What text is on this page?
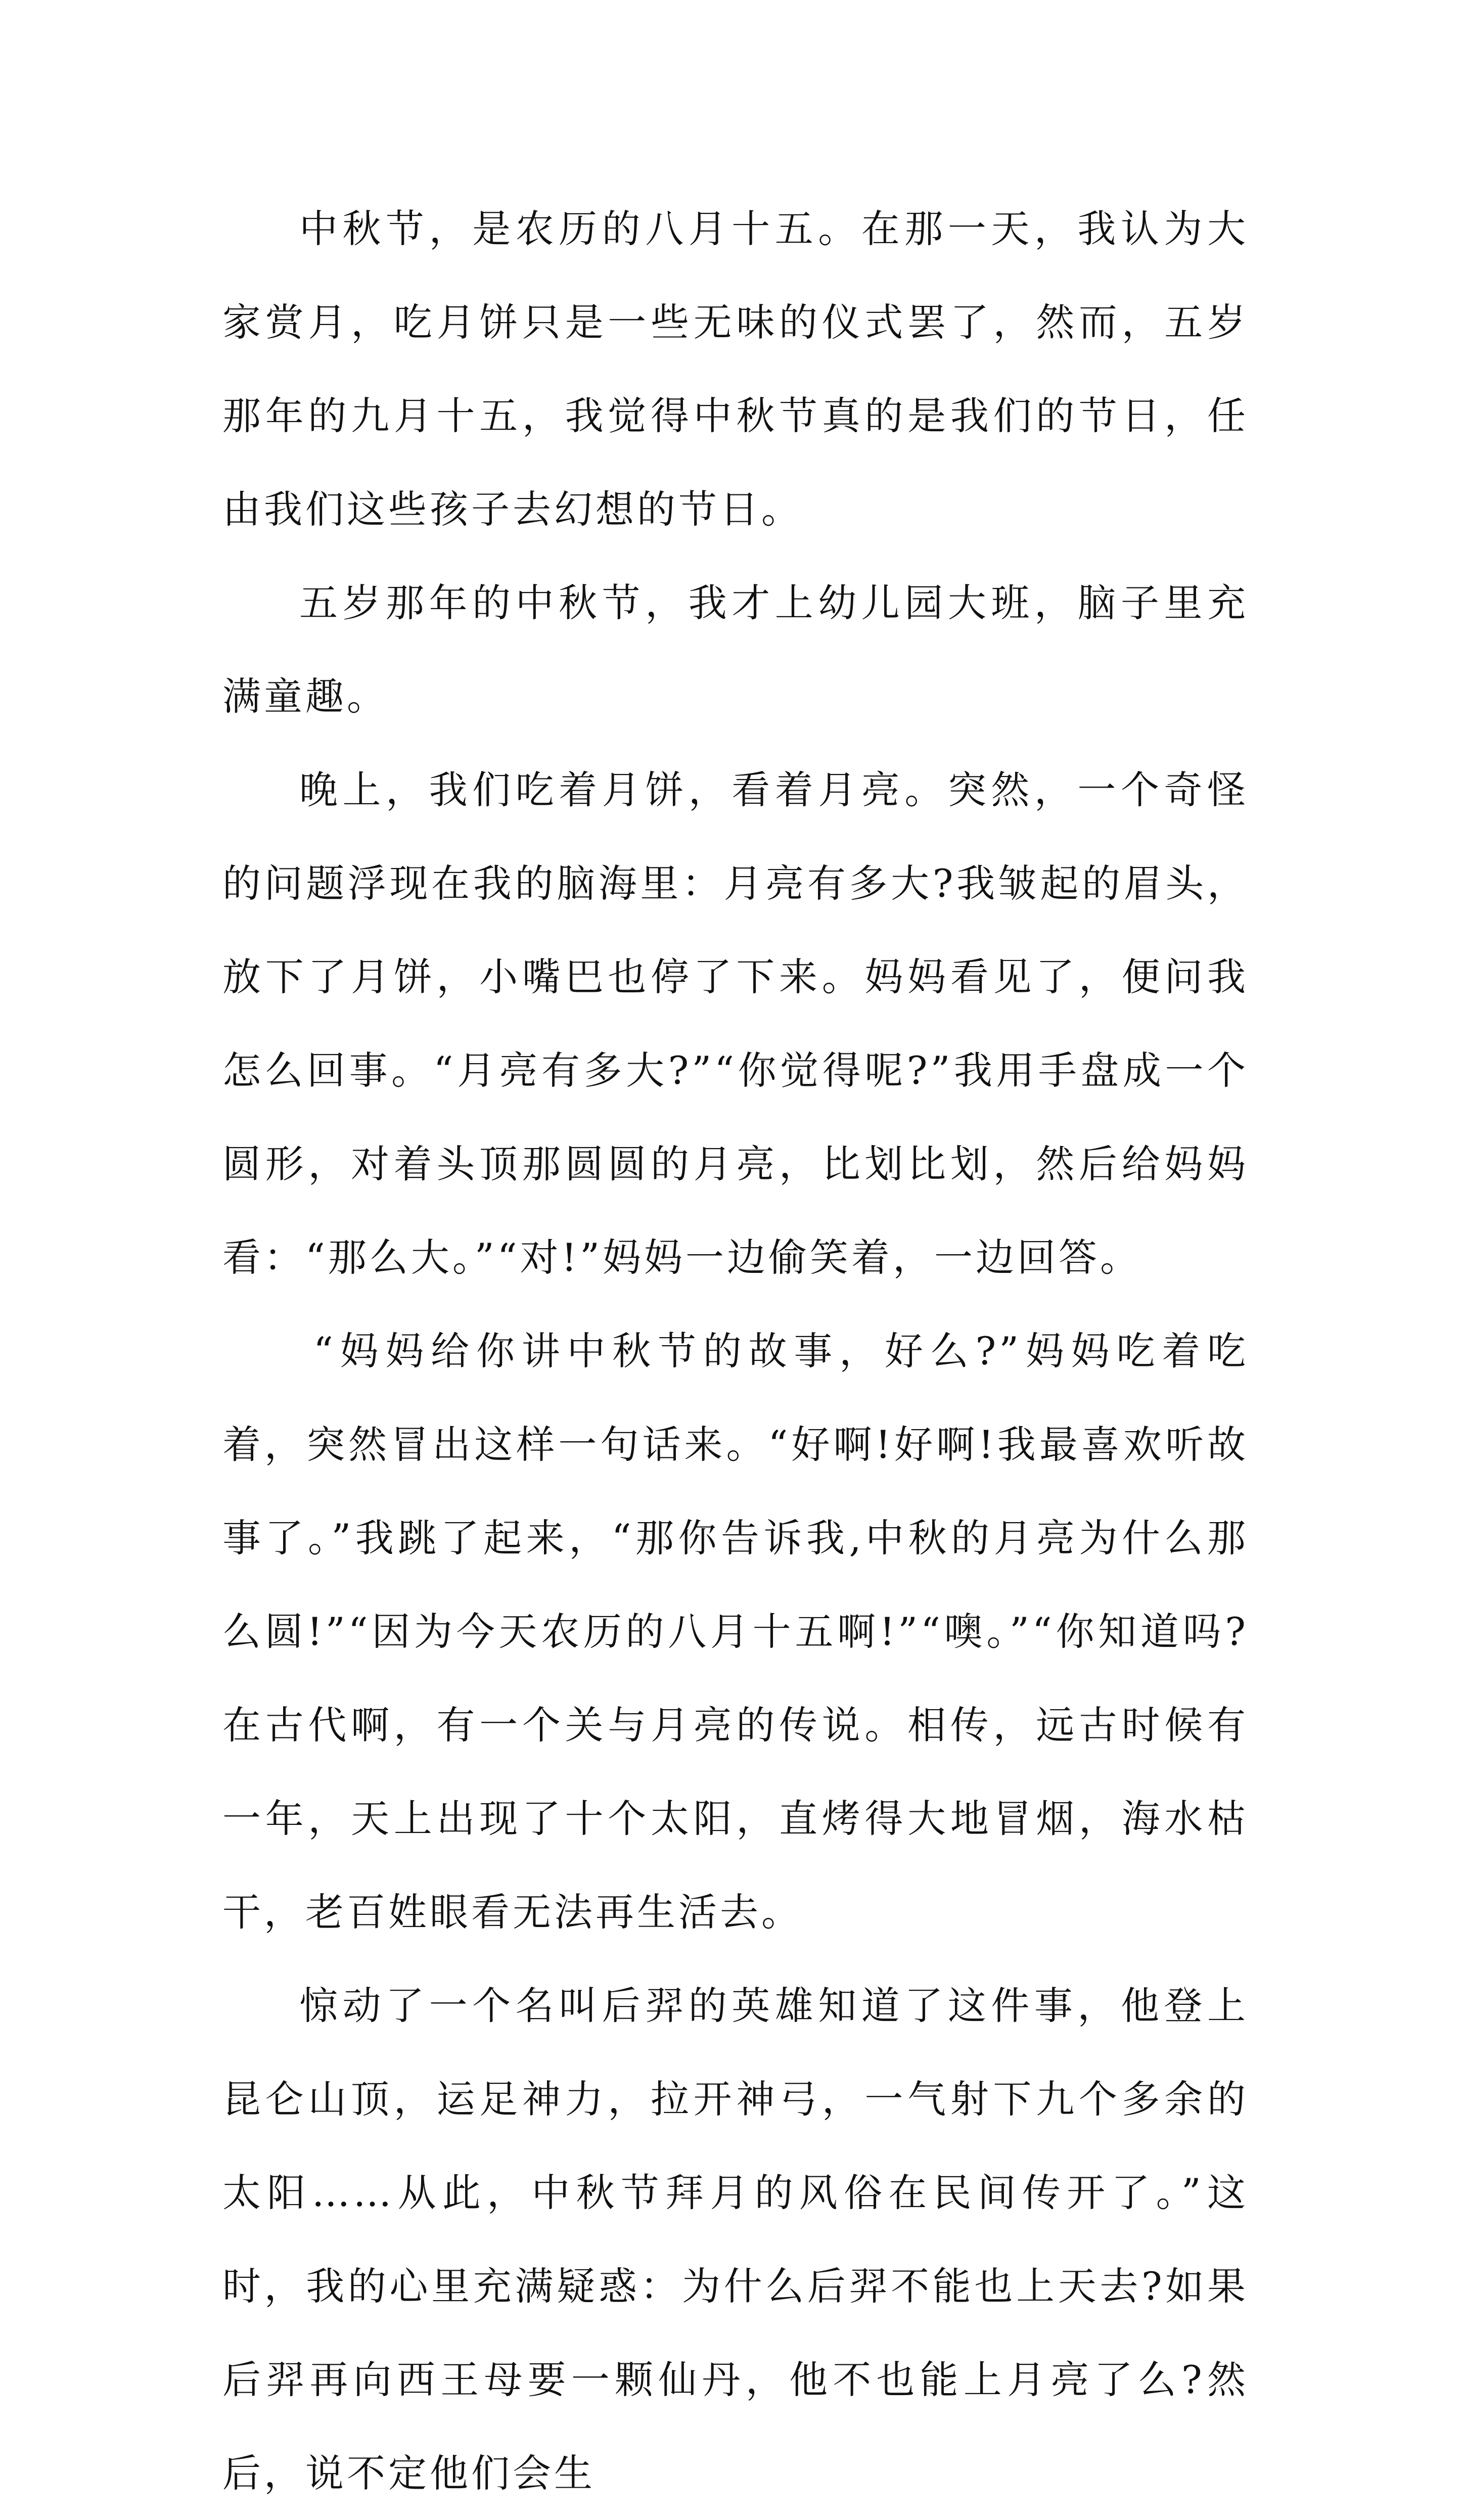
中秋节，是农历的八月十五。在那一天，我认为大家赏月，吃月饼只是一些无味的仪式罢了，然而，五岁那年的九月十五，我觉得中秋节真的是我们的节日，任由我们这些孩子去幻想的节日。

五岁那年的中秋节，我才上幼儿园大班，脑子里充满童趣。

晚上，我们吃着月饼，看着月亮。突然，一个奇怪的问题浮现在我的脑海里：月亮有多大?我皱起的眉头，放下了月饼，小嘴巴也停了下来。妈妈看见了，便问我怎么回事。“月亮有多大?”“你觉得呢?”我用手盘成一个圆形，对着头顶那圆圆的月亮，比划比划，然后给妈妈看：“那么大。”“对!”妈妈一边偷笑着，一边回答。

“妈妈给你讲中秋节的故事，好么?”妈妈吃着吃着，突然冒出这样一句话来。“好啊!好啊!我最喜欢听故事了。”我跳了起来，“那你告诉我,中秋的月亮为什么那么圆!”“因为今天农历的八月十五啊!”“噢。”“你知道吗?在古代啊，有一个关与月亮的传说。相传，远古时候有一年，天上出现了十个太阳，直烤得大地冒烟，海水枯干，老百姓眼看无法再生活去。

惊动了一个名叫后羿的英雄知道了这件事，他登上昆仑山顶，运足神力，拉开神弓，一气射下九个多余的太阳……从此，中秋节拜月的风俗在民间传开了。”这时，我的心里充满疑惑：为什么后羿不能也上天去?如果后羿再向西王母要一颗仙丹，他不也能上月亮了么?然后，说不定他们会生
